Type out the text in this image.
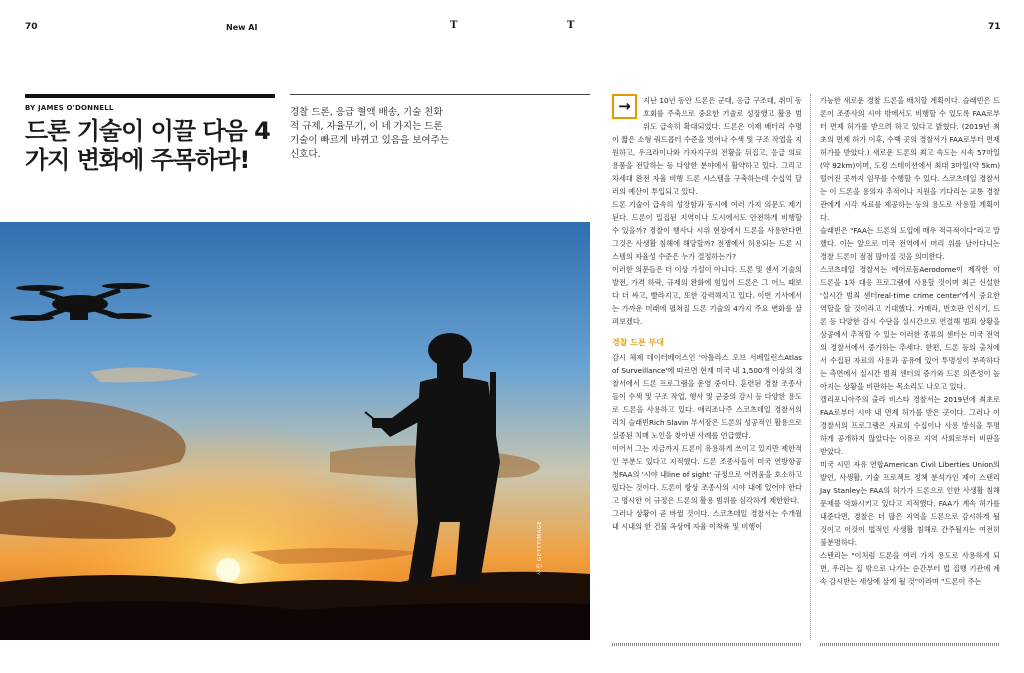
70	New AI	T	T	71
BY JAMES O'DONNELL
드론 기술이 이끌 다음 4가지 변화에 주목하라!
경찰 드론, 응급 혈액 배송, 기술 친화적 규제, 자율무기, 이 네 가지는 드론 기술이 빠르게 바뀌고 있음을 보여주는 신호다.
사진 GETTYIMAGE
→	지난 10년 동안 드론은 군대, 응급 구조대, 취미 동호회를 주축으로 중요한 기술로 성장했고 활용 범위도 급속히 확대되었다. 드론은 이제 배터리 수명이 짧은 소형 쿼드콥터 수준을 벗어나 수색 및 구조 작업을 지원하고, 우크라이나와 가자지구의 전황을 뒤집고, 응급 의료용품을 전달하는 등 다양한 분야에서 활약하고 있다. 그리고 차세대 완전 자율 비행 드론 시스템을 구축하는데 수십억 달러의 예산이 투입되고 있다.

드론 기술이 급속히 성장함과 동시에 여러 가지 의문도 제기된다. 드론이 밀집된 지역이나 도시에서도 안전하게 비행할 수 있을까? 경찰이 행사나 시위 현장에서 드론을 사용한다면 그것은 사생활 침해에 해당할까? 전쟁에서 허용되는 드론 시스템의 자율성 수준은 누가 결정하는가?

이러한 의문들은 더 이상 가설이 아니다. 드론 및 센서 기술의 발전, 가격 하락, 규제의 완화에 힘입어 드론은 그 어느 때보다 더 싸고, 빨라지고, 또한 강력해지고 있다. 이번 기사에서는 가까운 미래에 펼쳐질 드론 기술의 4가지 주요 변화를 살펴보겠다.

경찰 드론 부대

감시 체제 데이터베이스인 '아틀라스 오브 서베일런스Atlas of Surveillance'에 따르면 현재 미국 내 1,500개 이상의 경찰서에서 드론 프로그램을 운영 중이다. 훈련된 경찰 조종사들이 수색 및 구조 작업, 행사 및 군중의 감시 등 다양한 용도로 드론을 사용하고 있다. 애리조나주 스코츠데일 경찰서의 리치 슬래빈Rich Slavin 부서장은 드론의 성공적인 활용으로 실종된 치매 노인을 찾아낸 사례를 언급했다.

이어서 그는 지금까지 드론이 유용하게 쓰이고 있지만 제한적인 부분도 있다고 지적했다. 드론 조종사들이 미국 연방항공청FAA의 '시야 내line of sight' 규정으로 어려움을 호소하고 있다는 것이다. 드론이 항상 조종사의 시야 내에 있어야 한다고 명시한 이 규정은 드론의 활용 범위를 심각하게 제한한다.

그러나 상황이 곧 바뀔 것이다. 스코츠데일 경찰서는 수개월 내 시내의 한 건물 옥상에 자율 이착륙 및 비행이

가능한 새로운 경찰 드론을 배치할 계획이다. 슬래빈은 드론이 조종사의 시야 밖에서도 비행할 수 있도록 FAA로부터 면제 허가를 받으려 하고 있다고 밝혔다. (2019년 최초의 면제 허가 이후, 수백 곳의 경찰서가 FAA로부터 면제 허가를 받았다.) 새로운 드론의 최고 속도는 시속 57마일(약 92km)이며, 도킹 스테이션에서 최대 3마일(약 5km) 떨어진 곳까지 임무를 수행할 수 있다. 스코츠데일 경찰서는 이 드론을 용의자 추적이나 지원을 기다리는 교통 경찰관에게 시각 자료를 제공하는 등의 용도로 사용할 계획이다.

슬래빈은 "FAA는 드론의 도입에 매우 적극적이다"라고 말했다. 이는 앞으로 미국 전역에서 머리 위를 날아다니는 경찰 드론이 점점 많아질 것을 의미한다.

스코츠데일 경찰서는 에어로돔Aerodome이 제작한 이 드론을 1차 대응 프로그램에 사용할 것이며 최근 신설한 '실시간 범죄 센터real-time crime center'에서 중요한 역할을 할 것이라고 기대했다. 카메라, 번호판 인식기, 드론 등 다양한 감시 수단을 실시간으로 연결해 범죄 상황을 상공에서 추적할 수 있는 이러한 종류의 센터는 미국 전역의 경찰서에서 증가하는 추세다. 한편, 드론 등의 출처에서 수집된 자료의 사용과 공유에 있어 투명성이 부족하다는 측면에서 실시간 범죄 센터의 증가와 드론 의존성이 높아지는 상황을 비판하는 목소리도 나오고 있다.

캘리포니아주의 출라 비스타 경찰서는 2019년에 최초로 FAA로부터 시야 내 면제 허가를 받은 곳이다. 그러나 이 경찰서의 프로그램은 자료의 수집이나 사용 방식을 투명하게 공개하지 않았다는 이유로 지역 사회로부터 비판을 받았다.

미국 시민 자유 연합American Civil Liberties Union의 발언, 사생활, 기술 프로젝트 정책 분석가인 제이 스탠리Jay Stanley는 FAA의 허가가 드론으로 인한 사생활 침해 문제를 악화시키고 있다고 지적했다. FAA가 계속 허가를 내준다면, 경찰은 더 많은 지역을 드론으로 감시하게 될 것이고 이것이 법적인 사생활 침해로 간주될지는 여전히 불분명하다.

스탠리는 "이처럼 드론을 여러 가지 용도로 사용하게 되면, 우리는 집 밖으로 나가는 순간부터 법 집행 기관에 계속 감시받는 세상에 살게 될 것"이라며 "드론이 주는
